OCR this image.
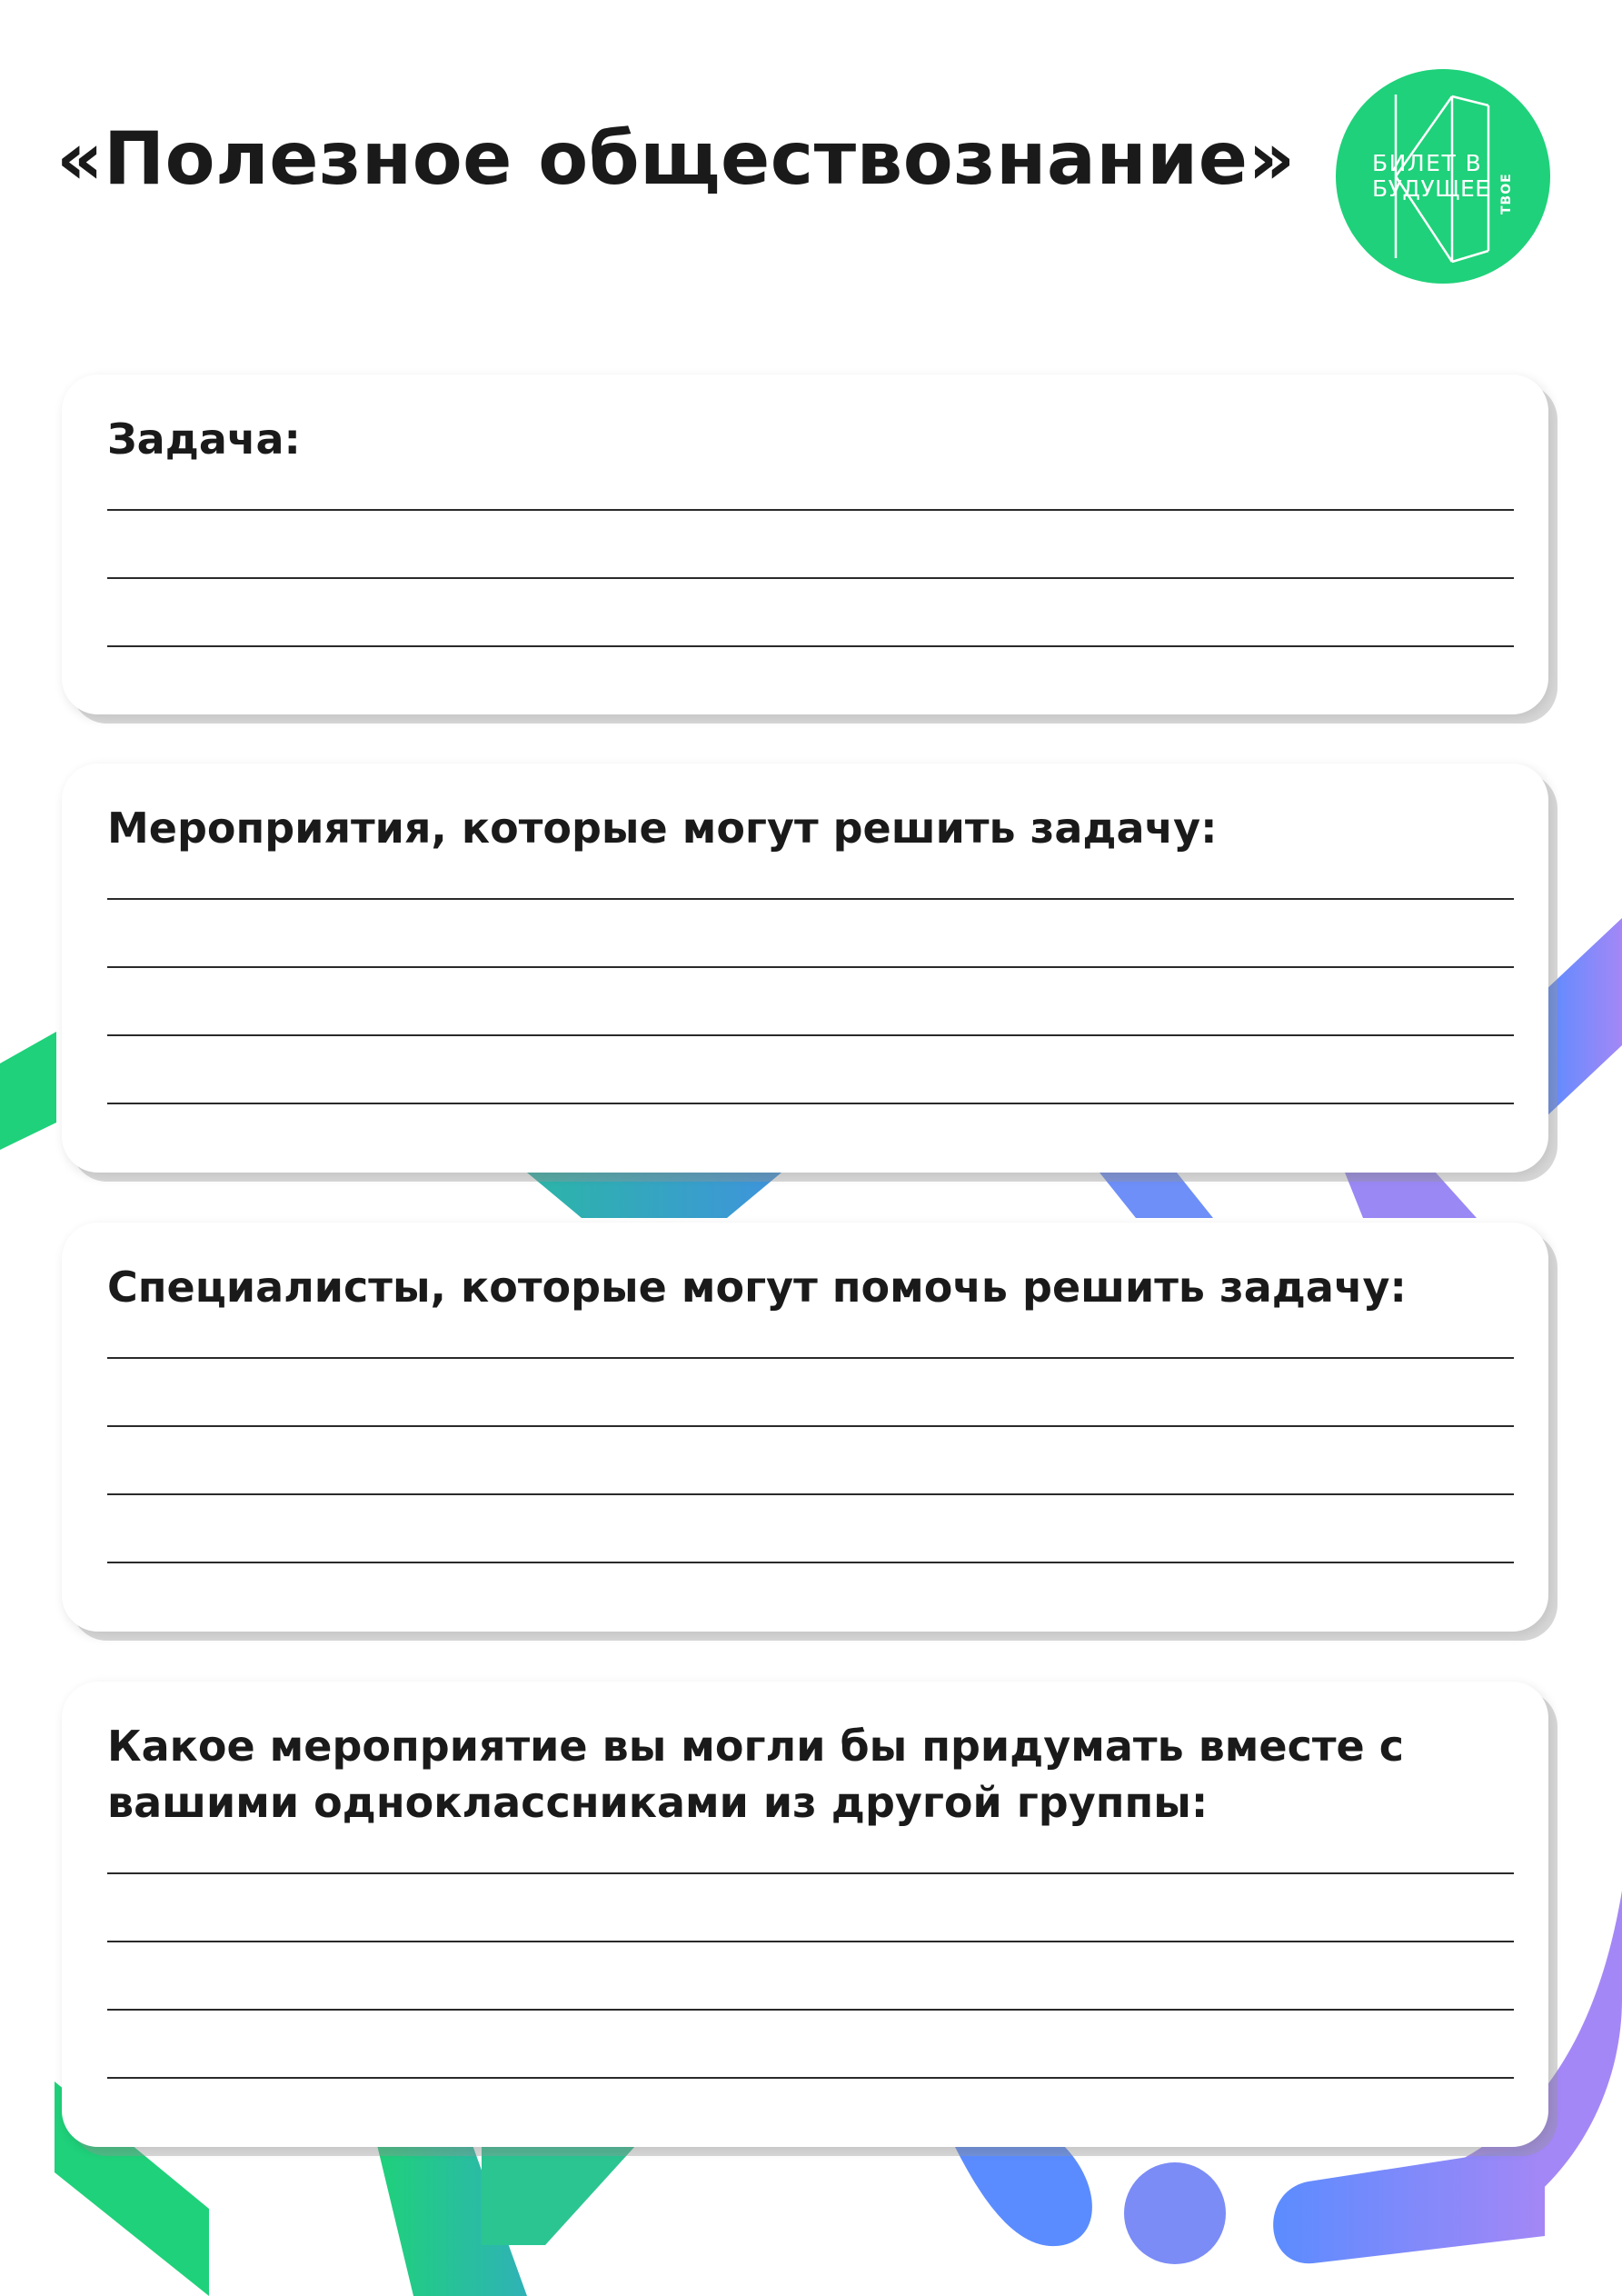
«Полезное обществознание»	БИЛЕТ В
БУДУЩЕЕ ТВОЕ

Задача:

Мероприятия, которые могут решить задачу:

Специалисты, которые могут помочь решить задачу:

Какое мероприятие вы могли бы придумать вместе с
вашими одноклассниками из другой группы:
